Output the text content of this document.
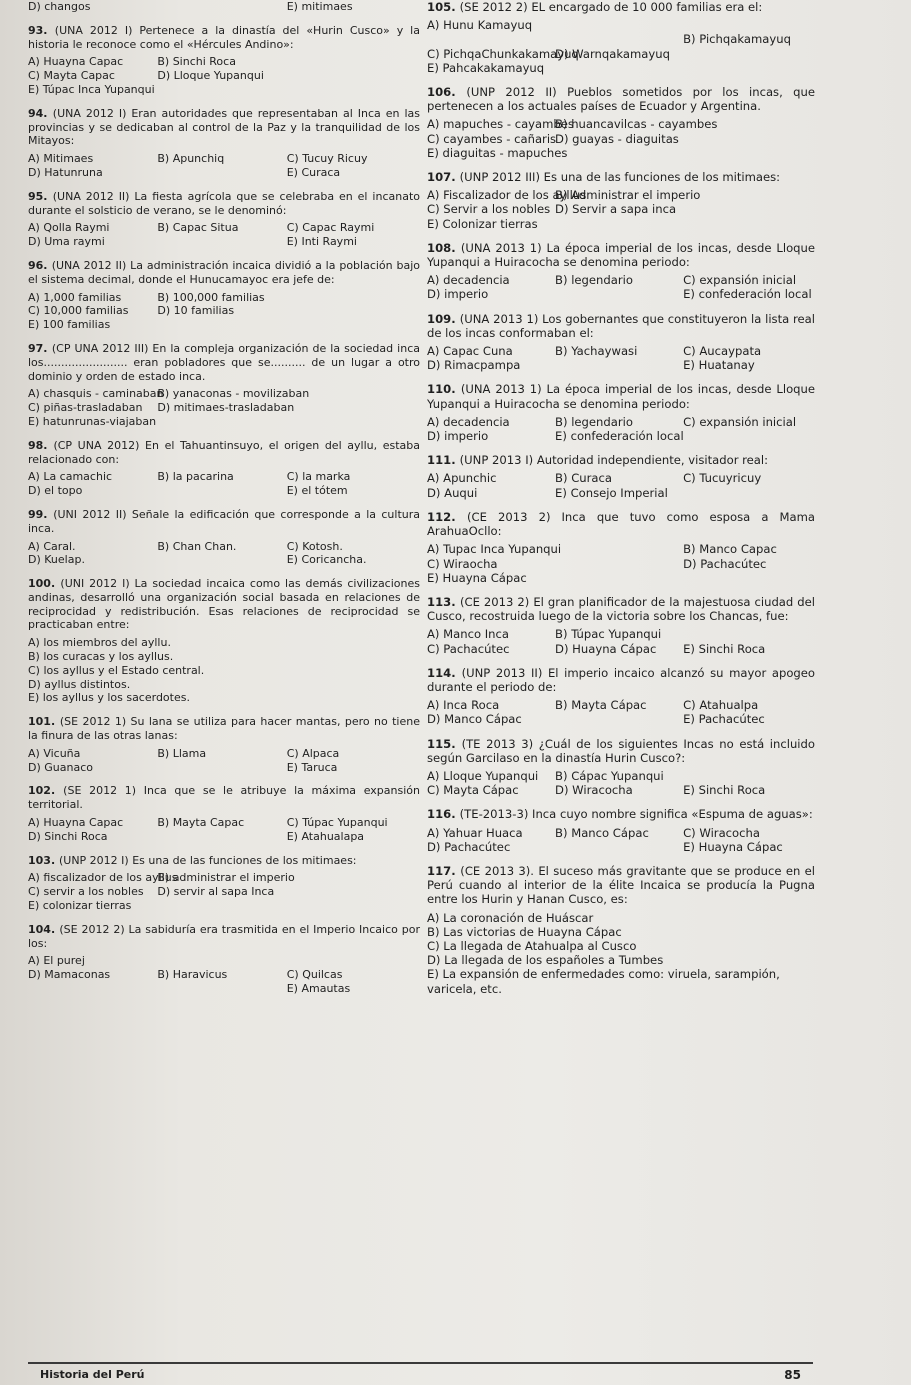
D) changos	E) mitimaes
93. (UNA 2012 I) Pertenece a la dinastía del «Hurin Cusco» y la historia le reconoce como el «Hércules Andino»:
A) Huayna Capac	B) Sinchi Roca
C) Mayta Capac	D) Lloque Yupanqui
E) Túpac Inca Yupanqui
94. (UNA 2012 I) Eran autoridades que representaban al Inca en las provincias y se dedicaban al control de la Paz y la tranquilidad de los Mitayos:
A) Mitimaes	B) Apunchiq	C) Tucuy Ricuy
D) Hatunruna	E) Curaca
95. (UNA 2012 II) La fiesta agrícola que se celebraba en el incanato durante el solsticio de verano, se le denominó:
A) Qolla Raymi	B) Capac Situa	C) Capac Raymi
D) Uma raymi	E) Inti Raymi
96. (UNA 2012 II) La administración incaica dividió a la población bajo el sistema decimal, donde el Hunucamayoc era jefe de:
A) 1,000 familias	B) 100,000 familias
C) 10,000 familias	D) 10 familias
E) 100 familias
97. (CP UNA 2012 III) En la compleja organización de la sociedad inca los........................ eran pobladores que se.......... de un lugar a otro dominio y orden de estado inca.
A) chasquis - caminaban
B) yanaconas - movilizaban
C) piñas-trasladaban	D) mitimaes-trasladaban
E) hatunrunas-viajaban
98. (CP UNA 2012) En el Tahuantinsuyo, el origen del ayllu, estaba relacionado con:
A) La camachic	B) la pacarina	C) la marka
D) el topo	E) el tótem
99. (UNI 2012 II) Señale la edificación que corresponde a la cultura inca.
A) Caral.	B) Chan Chan.	C) Kotosh.
D) Kuelap.	E) Coricancha.
100. (UNI 2012 I) La sociedad incaica como las demás civilizaciones andinas, desarrolló una organización social basada en relaciones de reciprocidad y redistribución. Esas relaciones de reciprocidad se practicaban entre:
A) los miembros del ayllu.
B) los curacas y los ayllus.
C) los ayllus y el Estado central.
D) ayllus distintos.
E) los ayllus y los sacerdotes.
101. (SE 2012 1) Su lana se utiliza para hacer mantas, pero no tiene la finura de las otras lanas:
A) Vicuña	B) Llama	C) Alpaca
D) Guanaco	E) Taruca
102. (SE 2012 1) Inca que se le atribuye la máxima expansión territorial.
A) Huayna Capac	B) Mayta Capac	C) Túpac Yupanqui
D) Sinchi Roca	E) Atahualapa
103. (UNP 2012 I) Es una de las funciones de los mitimaes:
A) fiscalizador de los ayllus
B) administrar el imperio
C) servir a los nobles	D) servir al sapa Inca
E) colonizar tierras
104. (SE 2012 2) La sabiduría era trasmitida en el Imperio Incaico por los:
A) El purej
D) Mamaconas	B) Haravicus	C) Quilcas
E) Amautas
105. (SE 2012 2) EL encargado de 10 000 familias era el:
A) Hunu Kamayuq
B) Pichqakamayuq
C) PichqaChunkakamayuq
D) Warnqakamayuq
E) Pahcakakamayuq
106. (UNP 2012 II) Pueblos sometidos por los incas, que pertenecen a los actuales países de Ecuador y Argentina.
A) mapuches - cayambes
B) huancavilcas - cayambes
C) cayambes - cañaris
D) guayas - diaguitas
E) diaguitas - mapuches
107. (UNP 2012 III) Es una de las funciones de los mitimaes:
A) Fiscalizador de los ayllus
B) Administrar el imperio
C) Servir a los nobles D) Servir a sapa inca
E) Colonizar tierras
108. (UNA 2013 1) La época imperial de los incas, desde Lloque Yupanqui a Huiracocha se denomina periodo:
A) decadencia	B) legendario	C) expansión inicial
D) imperio	E) confederación local
109. (UNA 2013 1) Los gobernantes que constituyeron la lista real de los incas conformaban el:
A) Capac Cuna	B) Yachaywasi	C) Aucaypata
D) Rimacpampa	E) Huatanay
110. (UNA 2013 1) La época imperial de los incas, desde Lloque Yupanqui a Huiracocha se denomina periodo:
A) decadencia	B) legendario	C) expansión inicial
D) imperio	E) confederación local
111. (UNP 2013 I) Autoridad independiente, visitador real:
A) Apunchic	B) Curaca	C) Tucuyricuy
D) Auqui	E) Consejo Imperial
112. (CE 2013 2) Inca que tuvo como esposa a Mama ArahuaOcllo:
A) Tupac Inca Yupanqui	B) Manco Capac
C) Wiraocha	D) Pachacútec
E) Huayna Cápac
113. (CE 2013 2) El gran planificador de la majestuosa ciudad del Cusco, recostruida luego de la victoria sobre los Chancas, fue:
A) Manco Inca	B) Túpac Yupanqui
C) Pachacútec	D) Huayna Cápac	E) Sinchi Roca
114. (UNP 2013 II) El imperio incaico alcanzó su mayor apogeo durante el periodo de:
A) Inca Roca	B) Mayta Cápac	C) Atahualpa
D) Manco Cápac	E) Pachacútec
115. (TE 2013 3) ¿Cuál de los siguientes Incas no está incluido según Garcilaso en la dinastía Hurin Cusco?:
A) Lloque Yupanqui	B) Cápac Yupanqui
C) Mayta Cápac	D) Wiracocha	E) Sinchi Roca
116. (TE-2013-3) Inca cuyo nombre significa «Espuma de aguas»:
A) Yahuar Huaca	B) Manco Cápac	C) Wiracocha
D) Pachacútec	E) Huayna Cápac
117. (CE 2013 3). El suceso más gravitante que se produce en el Perú cuando al interior de la élite Incaica se producía la Pugna entre los Hurin y Hanan Cusco, es:
A) La coronación de Huáscar
B) Las victorias de Huayna Cápac
C) La llegada de Atahualpa al Cusco
D) La llegada de los españoles a Tumbes
E) La expansión de enfermedades como: viruela, sarampión, varicela, etc.
Historia del Perú	85
